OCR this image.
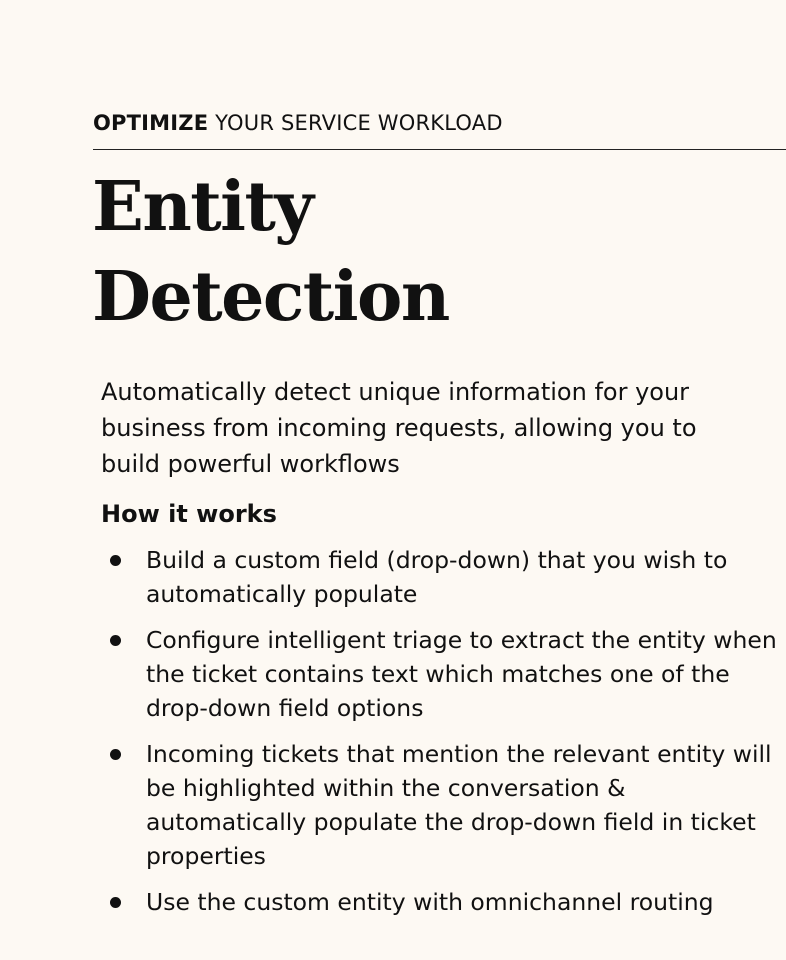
OPTIMIZE YOUR SERVICE WORKLOAD
Entity
Detection

Automatically detect unique information for your business from incoming requests, allowing you to build powerful workflows

How it works
Build a custom field (drop-down) that you wish to automatically populate
Configure intelligent triage to extract the entity when the ticket contains text which matches one of the drop-down field options
Incoming tickets that mention the relevant entity will be highlighted within the conversation & automatically populate the drop-down field in ticket properties
Use the custom entity with omnichannel routing
